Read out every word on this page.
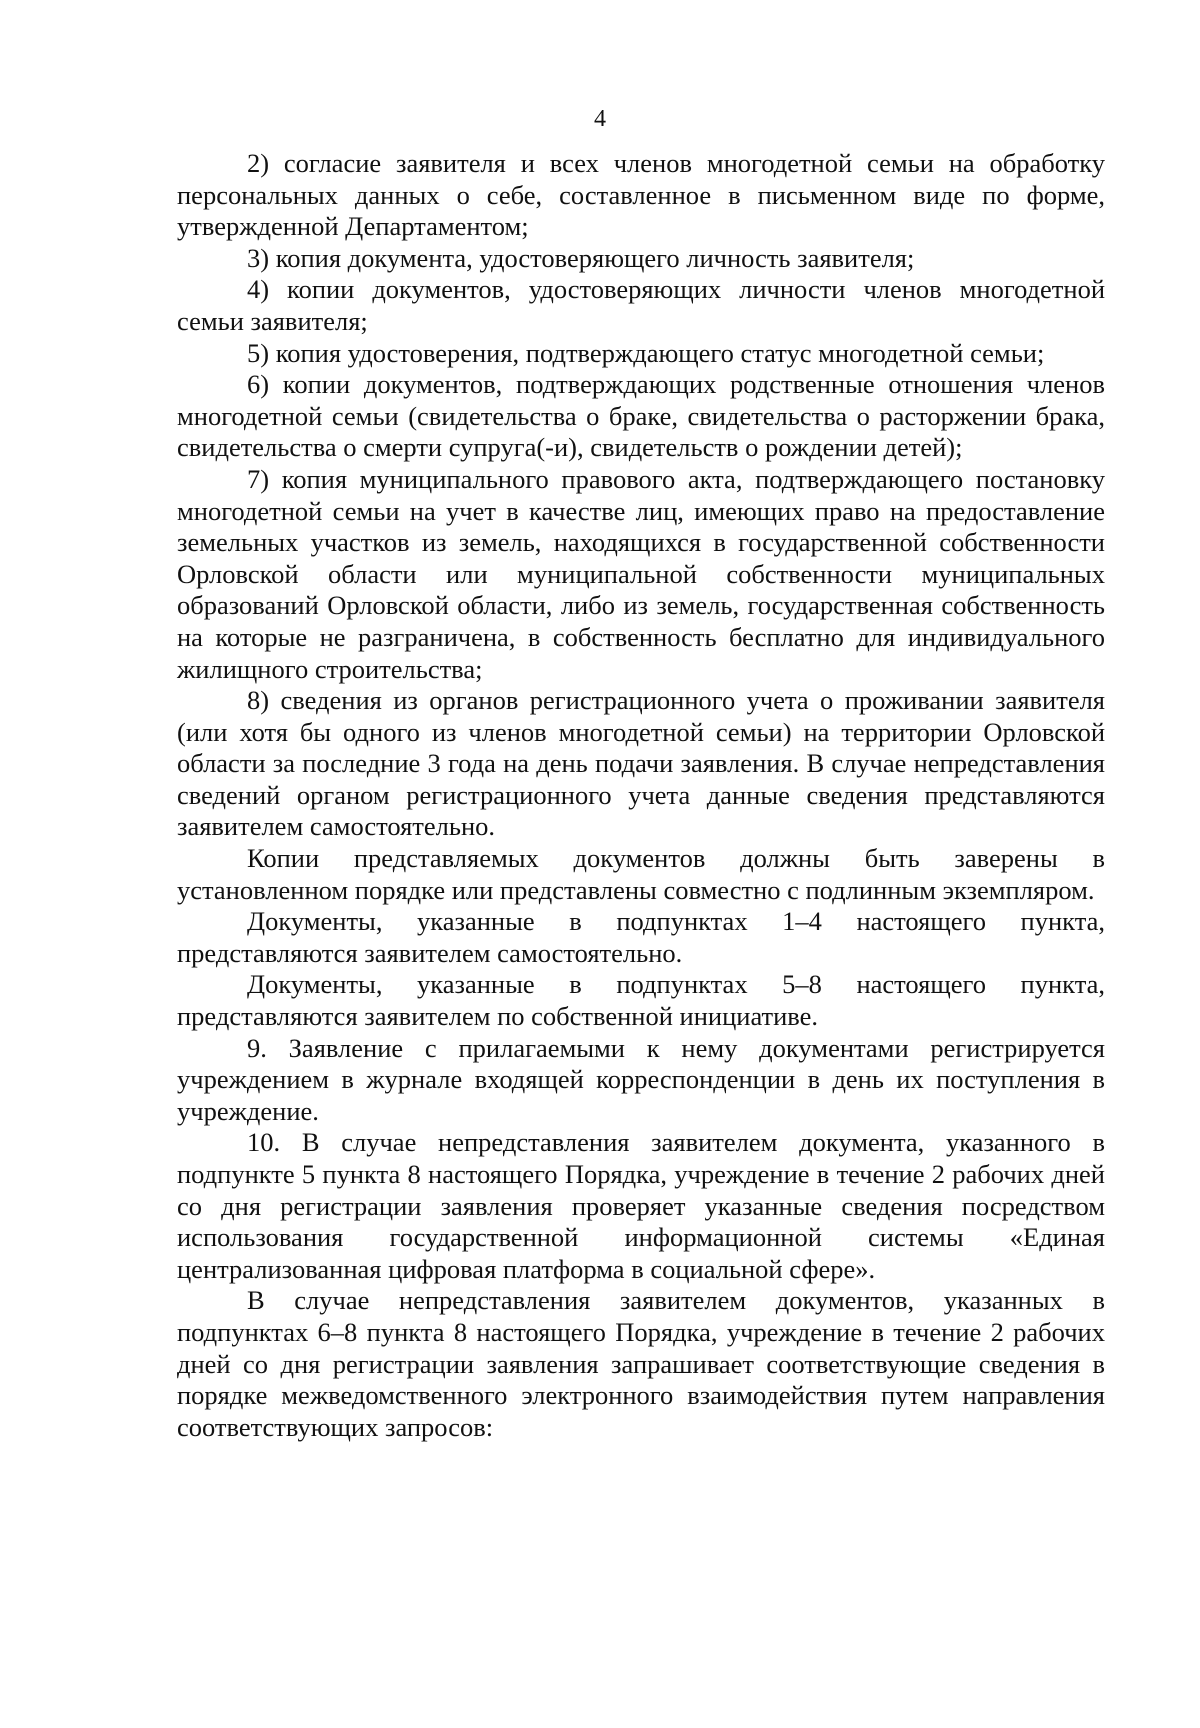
4

2) согласие заявителя и всех членов многодетной семьи на обработку персональных данных о себе, составленное в письменном виде по форме, утвержденной Департаментом;

3) копия документа, удостоверяющего личность заявителя;

4) копии документов, удостоверяющих личности членов многодетной семьи заявителя;

5) копия удостоверения, подтверждающего статус многодетной семьи;

6) копии документов, подтверждающих родственные отношения членов многодетной семьи (свидетельства о браке, свидетельства о расторжении брака, свидетельства о смерти супруга(-и), свидетельств о рождении детей);

7) копия муниципального правового акта, подтверждающего постановку многодетной семьи на учет в качестве лиц, имеющих право на предоставление земельных участков из земель, находящихся в государственной собственности Орловской области или муниципальной собственности муниципальных образований Орловской области, либо из земель, государственная собственность на которые не разграничена, в собственность бесплатно для индивидуального жилищного строительства;

8) сведения из органов регистрационного учета о проживании заявителя (или хотя бы одного из членов многодетной семьи) на территории Орловской области за последние 3 года на день подачи заявления. В случае непредставления сведений органом регистрационного учета данные сведения представляются заявителем самостоятельно.

Копии представляемых документов должны быть заверены в установленном порядке или представлены совместно с подлинным экземпляром.

Документы, указанные в подпунктах 1–4 настоящего пункта, представляются заявителем самостоятельно.

Документы, указанные в подпунктах 5–8 настоящего пункта, представляются заявителем по собственной инициативе.

9. Заявление с прилагаемыми к нему документами регистрируется учреждением в журнале входящей корреспонденции в день их поступления в учреждение.

10. В случае непредставления заявителем документа, указанного в подпункте 5 пункта 8 настоящего Порядка, учреждение в течение 2 рабочих дней со дня регистрации заявления проверяет указанные сведения посредством использования государственной информационной системы «Единая централизованная цифровая платформа в социальной сфере».

В случае непредставления заявителем документов, указанных в подпунктах 6–8 пункта 8 настоящего Порядка, учреждение в течение 2 рабочих дней со дня регистрации заявления запрашивает соответствующие сведения в порядке межведомственного электронного взаимодействия путем направления соответствующих запросов:
